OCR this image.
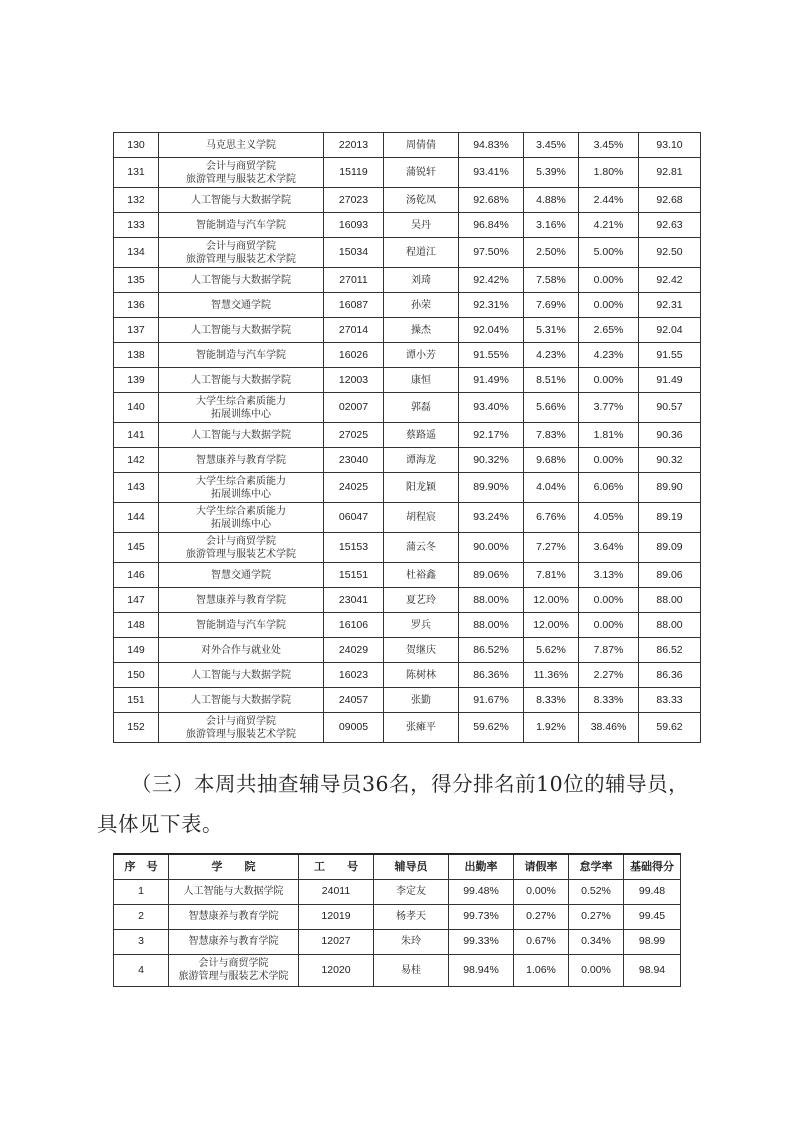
130	马克思主义学院	22013	周倩倩	94.83%	3.45%	3.45%	93.10
131	会计与商贸学院
旅游管理与服装艺术学院	15119	蒲锐轩	93.41%	5.39%	1.80%	92.81
132	人工智能与大数据学院	27023	汤乾凤	92.68%	4.88%	2.44%	92.68
133	智能制造与汽车学院	16093	吴丹	96.84%	3.16%	4.21%	92.63
134	会计与商贸学院
旅游管理与服装艺术学院	15034	程道江	97.50%	2.50%	5.00%	92.50
135	人工智能与大数据学院	27011	刘琦	92.42%	7.58%	0.00%	92.42
136	智慧交通学院	16087	孙荣	92.31%	7.69%	0.00%	92.31
137	人工智能与大数据学院	27014	操杰	92.04%	5.31%	2.65%	92.04
138	智能制造与汽车学院	16026	谭小芳	91.55%	4.23%	4.23%	91.55
139	人工智能与大数据学院	12003	康恒	91.49%	8.51%	0.00%	91.49
140	大学生综合素质能力
拓展训练中心	02007	郭磊	93.40%	5.66%	3.77%	90.57
141	人工智能与大数据学院	27025	蔡路遥	92.17%	7.83%	1.81%	90.36
142	智慧康养与教育学院	23040	谭海龙	90.32%	9.68%	0.00%	90.32
143	大学生综合素质能力
拓展训练中心	24025	阳龙颖	89.90%	4.04%	6.06%	89.90
144	大学生综合素质能力
拓展训练中心	06047	胡程宸	93.24%	6.76%	4.05%	89.19
145	会计与商贸学院
旅游管理与服装艺术学院	15153	蒲云冬	90.00%	7.27%	3.64%	89.09
146	智慧交通学院	15151	杜裕鑫	89.06%	7.81%	3.13%	89.06
147	智慧康养与教育学院	23041	夏艺玲	88.00%	12.00%	0.00%	88.00
148	智能制造与汽车学院	16106	罗兵	88.00%	12.00%	0.00%	88.00
149	对外合作与就业处	24029	贺继庆	86.52%	5.62%	7.87%	86.52
150	人工智能与大数据学院	16023	陈树林	86.36%	11.36%	2.27%	86.36
151	人工智能与大数据学院	24057	张勤	91.67%	8.33%	8.33%	83.33
152	会计与商贸学院
旅游管理与服装艺术学院	09005	张瘫平	59.62%	1.92%	38.46%	59.62

（三）本周共抽查辅导员36名，得分排名前10位的辅导员，具体见下表。

序　号	学　　院	工　　号	辅导员	出勤率	请假率	怠学率	基础得分
1	人工智能与大数据学院	24011	李定友	99.48%	0.00%	0.52%	99.48
2	智慧康养与教育学院	12019	杨孝天	99.73%	0.27%	0.27%	99.45
3	智慧康养与教育学院	12027	朱玲	99.33%	0.67%	0.34%	98.99
4	会计与商贸学院
旅游管理与服装艺术学院	12020	易桂	98.94%	1.06%	0.00%	98.94
